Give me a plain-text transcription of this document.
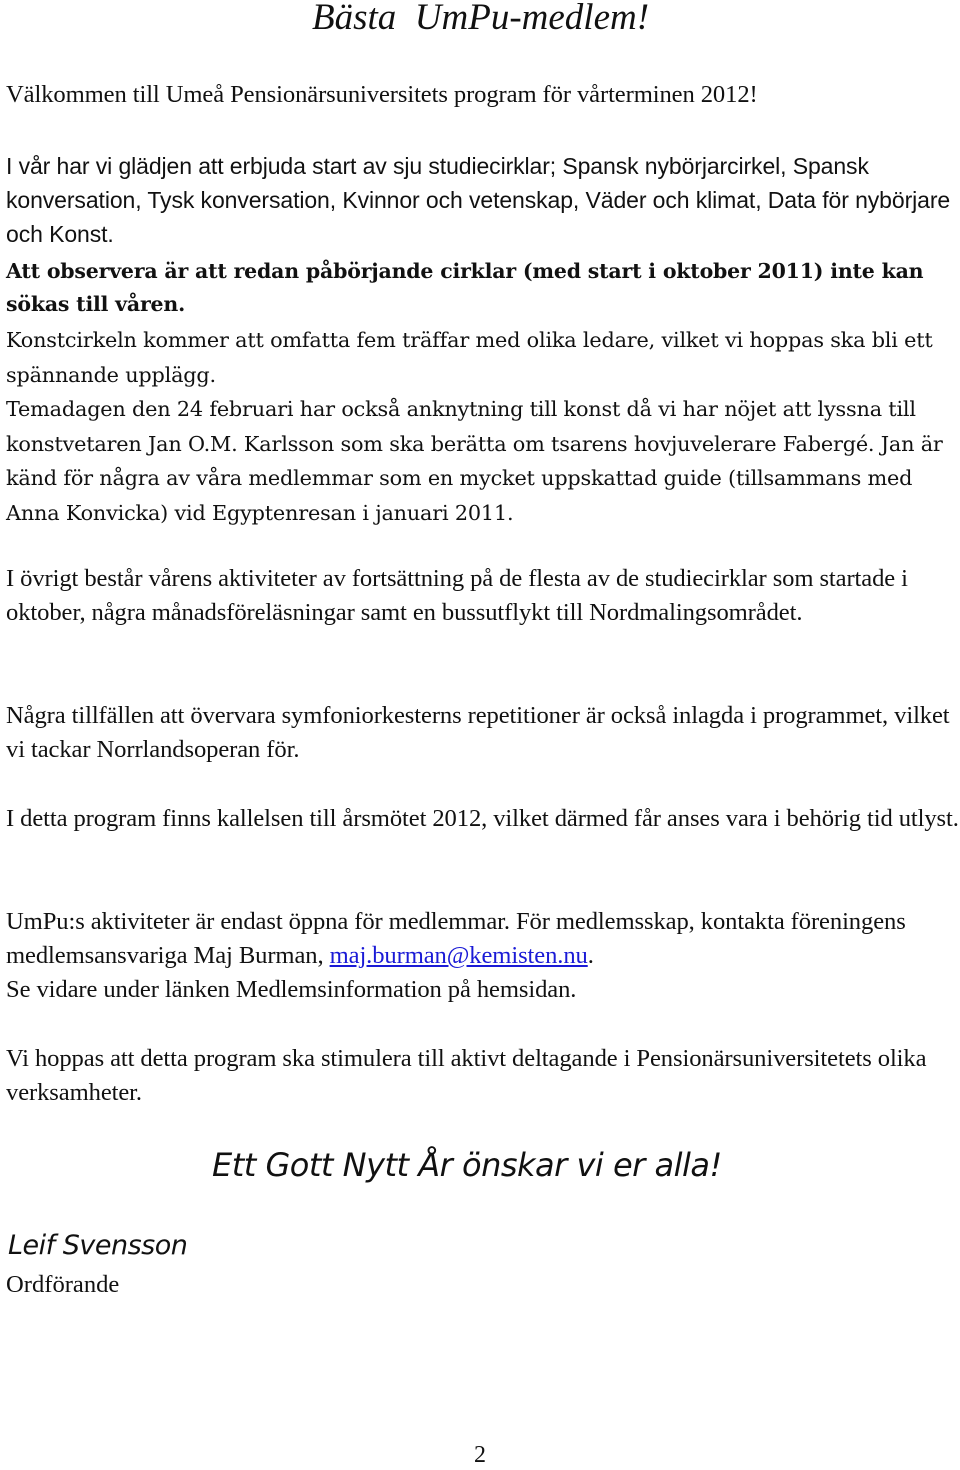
Bästa  UmPu-medlem!

Välkommen till Umeå Pensionärsuniversitets program för vårterminen 2012!

I vår har vi glädjen att erbjuda start av sju studiecirklar; Spansk nybörjarcirkel, Spansk konversation, Tysk konversation, Kvinnor och vetenskap, Väder och klimat, Data för nybörjare och Konst.

Att observera är att redan påbörjande cirklar (med start i oktober 2011) inte kan sökas till våren.

Konstcirkeln kommer att omfatta fem träffar med olika ledare, vilket vi hoppas ska bli ett spännande upplägg.

Temadagen den 24 februari har också anknytning till konst då vi har nöjet att lyssna till konstvetaren Jan O.M. Karlsson som ska berätta om tsarens hovjuvelerare Fabergé. Jan är känd för några av våra medlemmar som en mycket uppskattad guide (tillsammans med Anna Konvicka) vid Egyptenresan i januari 2011.

I övrigt består vårens aktiviteter av fortsättning på de flesta av de studiecirklar som startade i oktober, några månadsföreläsningar samt en bussutflykt till Nordmalingsområdet.

Några tillfällen att övervara symfoniorkesterns repetitioner är också inlagda i programmet, vilket vi tackar Norrlandsoperan för.

I detta program finns kallelsen till årsmötet 2012, vilket därmed får anses vara i behörig tid utlyst.

UmPu:s aktiviteter är endast öppna för medlemmar. För medlemsskap, kontakta föreningens medlemsansvariga Maj Burman, maj.burman@kemisten.nu.
Se vidare under länken Medlemsinformation på hemsidan.

Vi hoppas att detta program ska stimulera till aktivt deltagande i Pensionärsuniversitetets olika verksamheter.

Ett Gott Nytt År önskar vi er alla!

Leif Svensson

Ordförande

2
